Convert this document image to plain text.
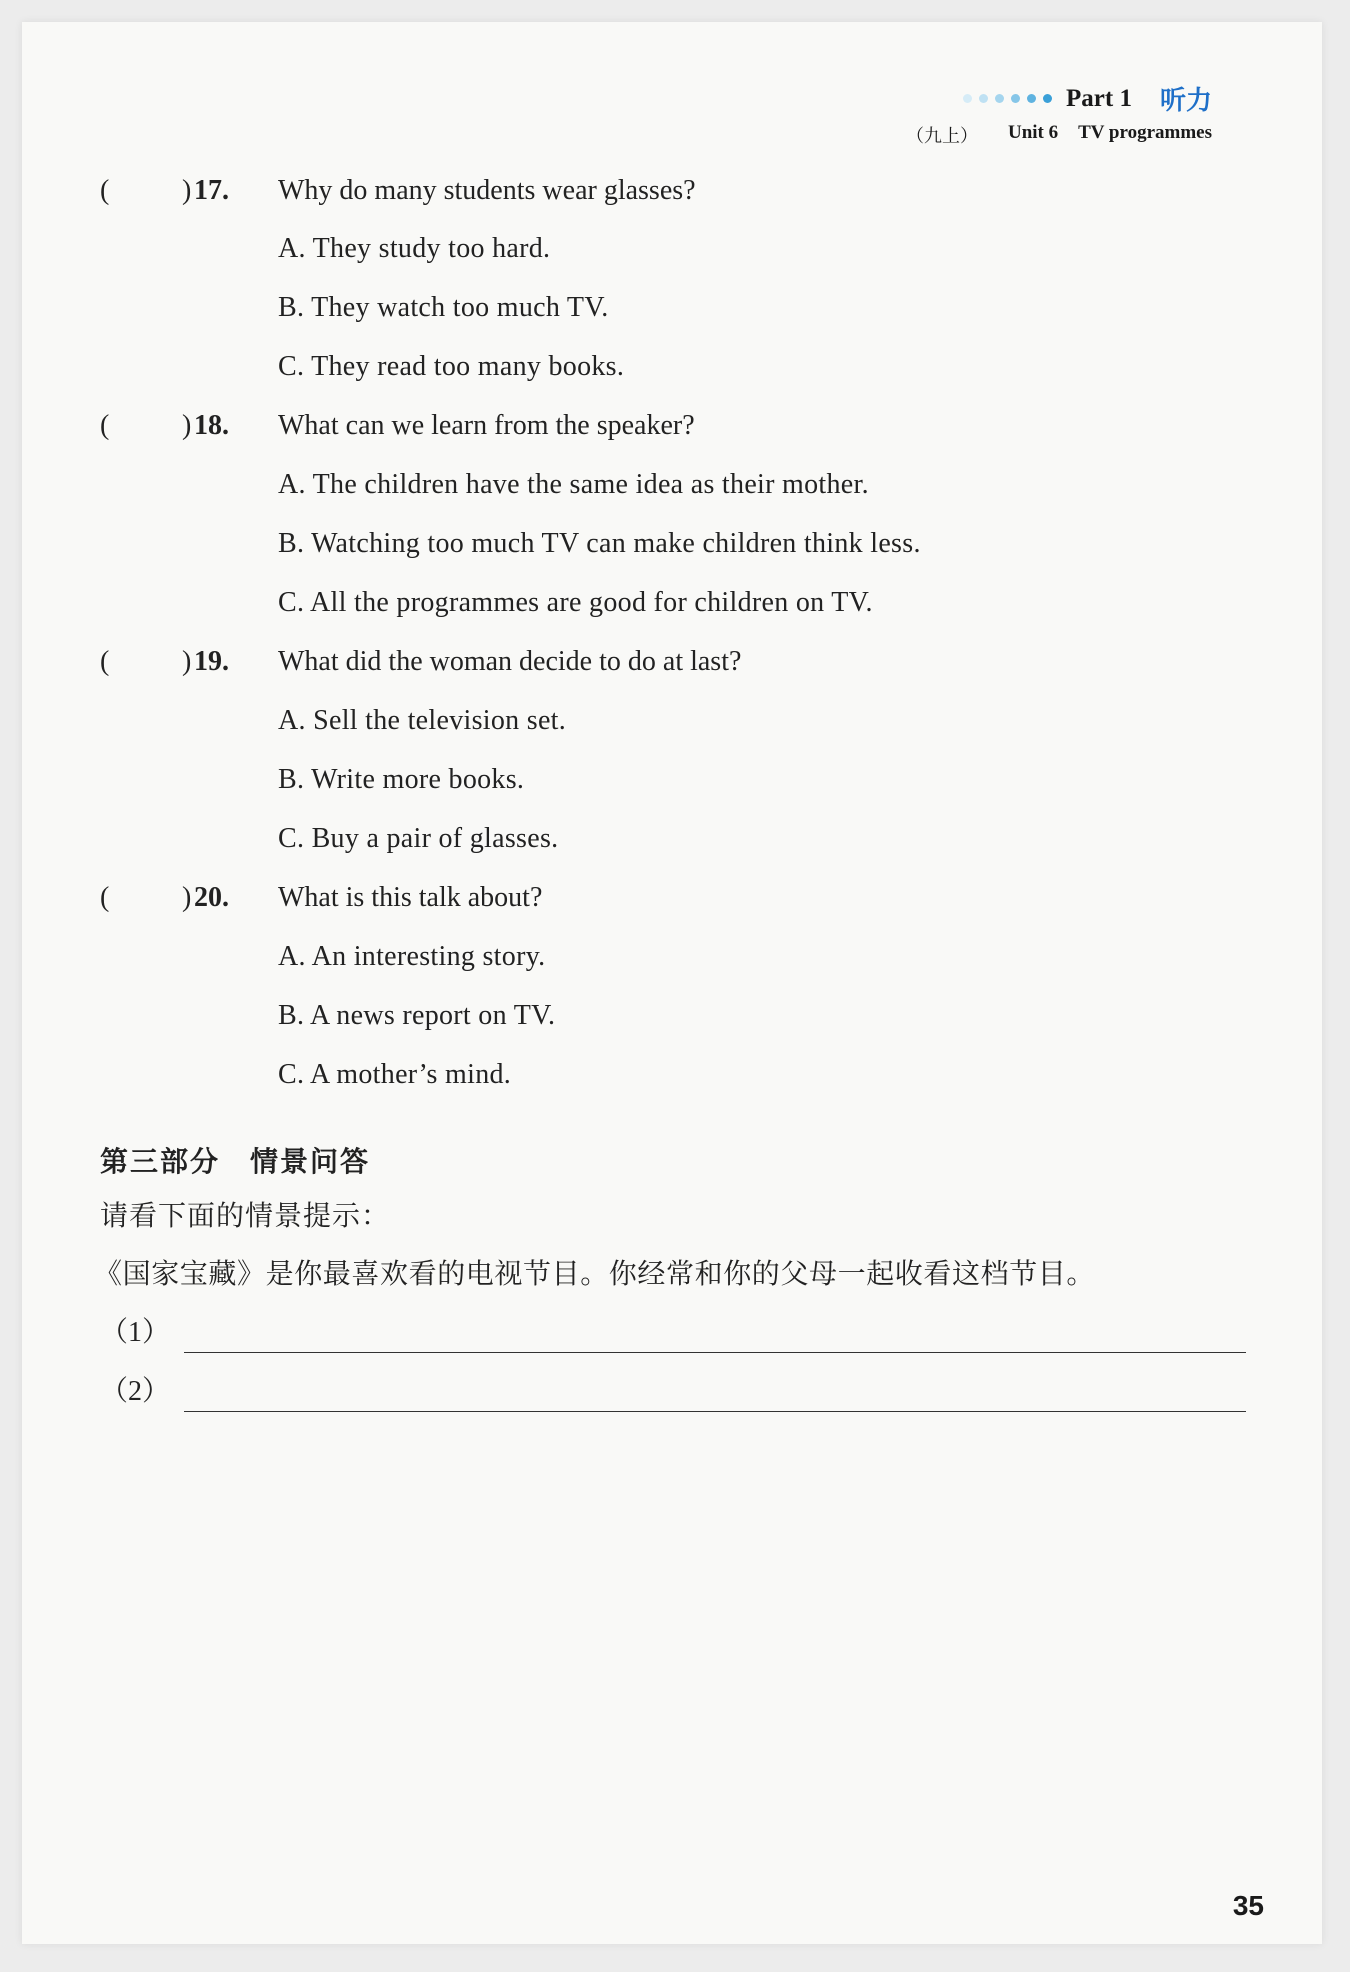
Part 1 听力
（九上） Unit 6 TV programmes
(	) 17. Why do many students wear glasses?
A. They study too hard.
B. They watch too much TV.
C. They read too many books.
(	) 18. What can we learn from the speaker?
A. The children have the same idea as their mother.
B. Watching too much TV can make children think less.
C. All the programmes are good for children on TV.
(	) 19. What did the woman decide to do at last?
A. Sell the television set.
B. Write more books.
C. Buy a pair of glasses.
(	) 20. What is this talk about?
A. An interesting story.
B. A news report on TV.
C. A mother’s mind.
第三部分 情景问答
请看下面的情景提示：
《国家宝藏》是你最喜欢看的电视节目。你经常和你的父母一起收看这档节目。
（1）
（2）
35
